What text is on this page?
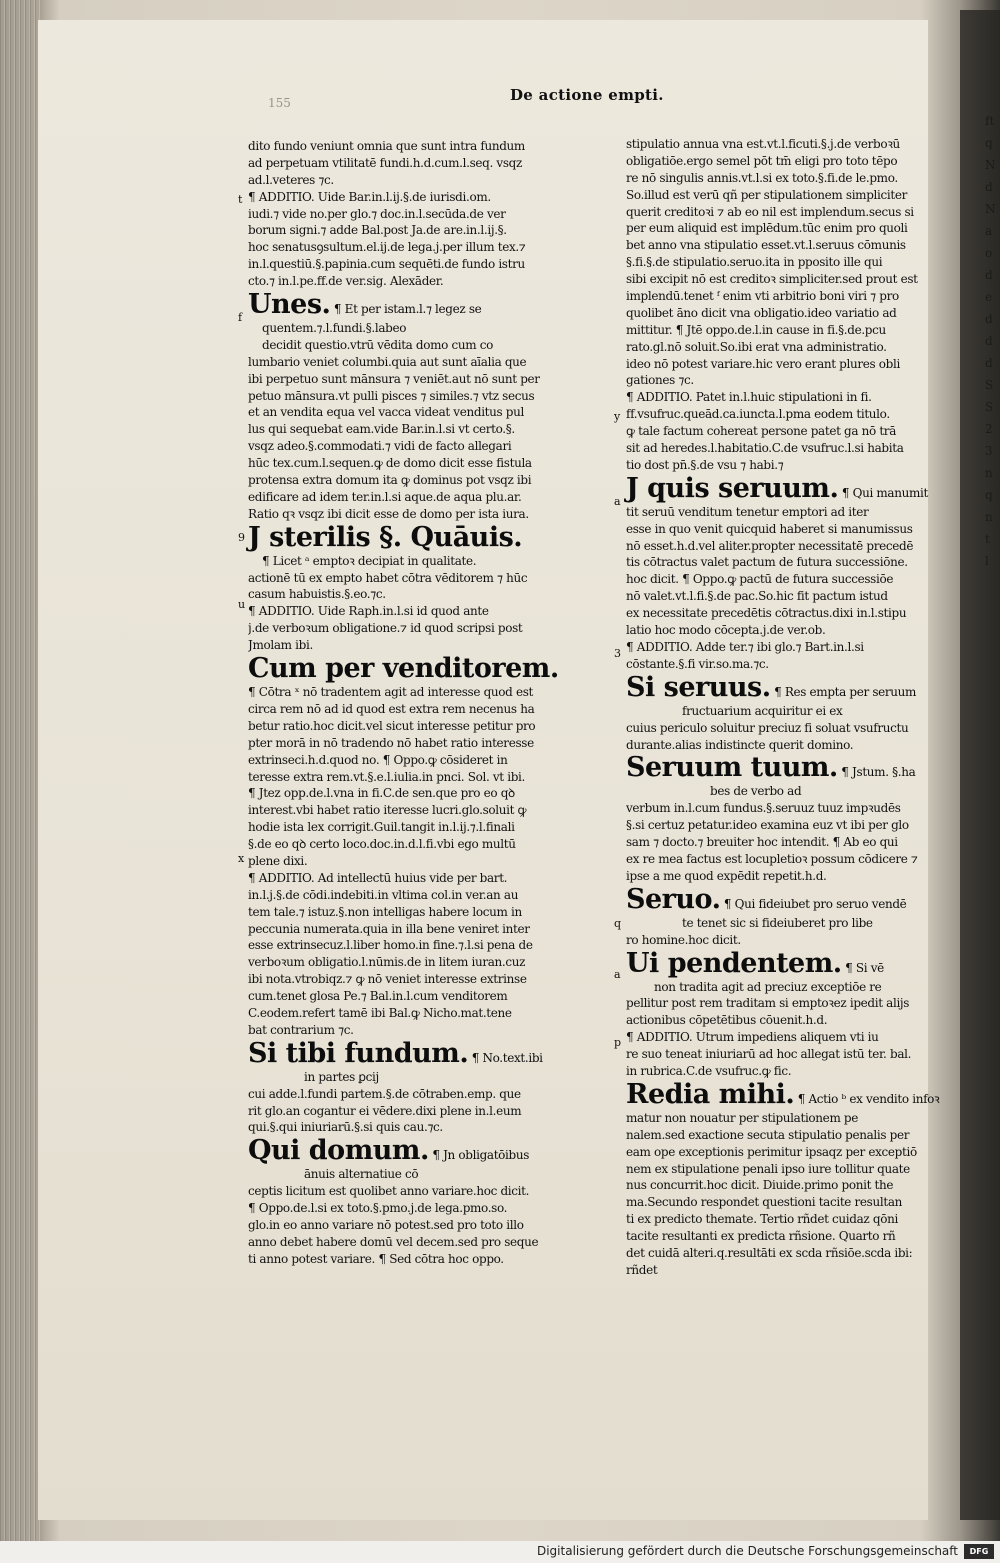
ft
q
N
d
N
a
o
d
e
d
d
d
S
S
2
3
n
q
n
t
l
De actione empti.
155
dito fundo veniunt omnia que sunt intra fundum
ad perpetuam vtilitatē fundi.h.d.cum.l.seq. vsqz
ad.l.veteres ⁊c.
¶ ADDITIO. Uide Bar.in.l.ij.§.de iurisdi.om.
iudi.⁊ vide no.per glo.⁊ doc.in.l.secūda.de ver
borum signi.⁊ adde Bal.post Ja.de are.in.l.ij.§.
hoc senatusꝯsultum.el.ij.de lega.j.per illum tex.⁊
in.l.questiū.§.papinia.cum sequēti.de fundo istru
cto.⁊ in.l.pe.ff.de ver.sig. Alexāder.
Unes. ¶ Et per istam.l.⁊ legez se
quentem.⁊.l.fundi.§.labeo
decidit questio.vtrū vēdita domo cum co
lumbario veniet columbi.quia aut sunt aīalia que
ibi perpetuo sunt mānsura ⁊ veniēt.aut nō sunt per
petuo mānsura.vt pulli pisces ⁊ similes.⁊ vtz secus
et an vendita equa vel vacca videat venditus pul
lus qui sequebat eam.vide Bar.in.l.si vt certo.§.
vsqz adeo.§.commodati.⁊ vidi de facto allegari
hūc tex.cum.l.sequen.ꝙ de domo dicit esse fistula
protensa extra domum ita ꝙ dominus pot vsqz ibi
edificare ad idem ter.in.l.si aque.de aqua plu.ar.
Ratio qꝛ vsqz ibi dicit esse de domo per ista iura.
J sterilis §. Quāuis.
¶ Licet ᵃ emptoꝛ decipiat in qualitate.
actionē tū ex empto habet cōtra vēditorem ⁊ hūc
casum habuistis.§.eo.⁊c.
¶ ADDITIO. Uide Raph.in.l.si id quod ante
j.de verboꝛum obligatione.⁊ id quod scripsi post
Jmolam ibi.
Cum per venditorem.
¶ Cōtra ˣ nō tradentem agit ad interesse quod est
circa rem nō ad id quod est extra rem necenus ha
betur ratio.hoc dicit.vel sicut interesse petitur pro
pter morā in nō tradendo nō habet ratio interesse
extrinseci.h.d.quod no. ¶ Oppo.ꝙ cōsideret in
teresse extra rem.vt.§.e.l.iulia.in pnci. Sol. vt ibi.
¶ Jtez opp.de.l.vna in fi.C.de sen.que pro eo qꝺ
interest.vbi habet ratio iteresse lucri.glo.soluit ꝙ
hodie ista lex corrigit.Guil.tangit in.l.ij.⁊.l.finali
§.de eo qꝺ certo loco.doc.in.d.l.fi.vbi ego multū
plene dixi.
¶ ADDITIO. Ad intellectū huius vide per bart.
in.l.j.§.de cōdi.indebiti.in vltima col.in ver.an au
tem tale.⁊ istuz.§.non intelligas habere locum in
peccunia numerata.quia in illa bene veniret inter
esse extrinsecuz.l.liber homo.in fine.⁊.l.si pena de
verboꝛum obligatio.l.nūmis.de in litem iuran.cuz
ibi nota.vtrobiqz.⁊ ꝙ nō veniet interesse extrinse
cum.tenet glosa Pe.⁊ Bal.in.l.cum venditorem
C.eodem.refert tamē ibi Bal.ꝙ Nicho.mat.tene
bat contrarium ⁊c.
Si tibi fundum. ¶ No.text.ibi
in partes ꝑcij
cui adde.l.fundi partem.§.de cōtraben.emp. que
rit glo.an cogantur ei vēdere.dixi plene in.l.eum
qui.§.qui iniuriarū.§.si quis cau.⁊c.
Qui domum. ¶ Jn obligatōibus
ānuis alternatiue cō
ceptis licitum est quolibet anno variare.hoc dicit.
¶ Oppo.de.l.si ex toto.§.pmo.j.de lega.pmo.so.
glo.in eo anno variare nō potest.sed pro toto illo
anno debet habere domū vel decem.sed pro seque
ti anno potest variare. ¶ Sed cōtra hoc oppo.
stipulatio annua vna est.vt.l.ficuti.§.j.de verboꝛū
obligatiōe.ergo semel pōt tm̄ eligi pro toto tēpo
re nō singulis annis.vt.l.si ex toto.§.fi.de le.pmo.
So.illud est verū qñ per stipulationem simpliciter
querit creditoꝛi ⁊ ab eo nil est implendum.secus si
per eum aliquid est implēdum.tūc enim pro quoli
bet anno vna stipulatio esset.vt.l.seruus cōmunis
§.fi.§.de stipulatio.seruo.ita in pposito ille qui
sibi excipit nō est creditoꝛ simpliciter.sed prout est
implendū.tenet ᶠ enim vti arbitrio boni viri ⁊ pro
quolibet āno dicit vna obligatio.ideo variatio ad
mittitur. ¶ Jtē oppo.de.l.in cause in fi.§.de.pcu
rato.gl.nō soluit.So.ibi erat vna administratio.
ideo nō potest variare.hic vero erant plures obli
gationes ⁊c.
¶ ADDITIO. Patet in.l.huic stipulationi in fi.
ff.vsufruc.queād.ca.iuncta.l.pma eodem titulo.
ꝙ tale factum cohereat persone patet ga nō trā
sit ad heredes.l.habitatio.C.de vsufruc.l.si habita
tio dost pn̄.§.de vsu ⁊ habi.⁊
J quis seruum. ¶ Qui manumit
tit seruū venditum tenetur emptori ad iter
esse in quo venit quicquid haberet si manumissus
nō esset.h.d.vel aliter.propter necessitatē precedē
tis cōtractus valet pactum de futura successiōne.
hoc dicit. ¶ Oppo.ꝙ pactū de futura successiōe
nō valet.vt.l.fi.§.de pac.So.hic fit pactum istud
ex necessitate precedētis cōtractus.dixi in.l.stipu
latio hoc modo cōcepta.j.de ver.ob.
¶ ADDITIO. Adde ter.⁊ ibi glo.⁊ Bart.in.l.si
cōstante.§.fi vir.so.ma.⁊c.
Si seruus. ¶ Res empta per seruum
fructuarium acquiritur ei ex
cuius periculo soluitur preciuz fi soluat vsufructu
durante.alias indistincte querit domino.
Seruum tuum. ¶ Jstum. §.ha
bes de verbo ad
verbum in.l.cum fundus.§.seruuz tuuz impꝛudēs
§.si certuz petatur.ideo examina euz vt ibi per glo
sam ⁊ docto.⁊ breuiter hoc intendit. ¶ Ab eo qui
ex re mea factus est locupletioꝛ possum cōdicere ⁊
ipse a me quod expēdit repetit.h.d.
Seruo. ¶ Qui fideiubet pro seruo vendē
te tenet sic si fideiuberet pro libe
ro homine.hoc dicit.
Ui pendentem. ¶ Si vē
non tradita agit ad preciuz exceptiōe re
pellitur post rem traditam si emptoꝛez ipedit alijs
actionibus cōpetētibus cōuenit.h.d.
¶ ADDITIO. Utrum impediens aliquem vti iu
re suo teneat iniuriarū ad hoc allegat istū ter. bal.
in rubrica.C.de vsufruc.ꝙ fic.
Redia mihi. ¶ Actio ᵇ ex vendito infoꝛ
matur non nouatur per stipulationem pe
nalem.sed exactione secuta stipulatio penalis per
eam ope exceptionis perimitur ipsaqz per exceptiō
nem ex stipulatione penali ipso iure tollitur quate
nus concurrit.hoc dicit. Diuide.primo ponit the
ma.Secundo respondet questioni tacite resultan
ti ex predicto themate. Tertio rñdet cuidaz qōni
tacite resultanti ex predicta rñsione. Quarto rñ
det cuidā alteri.q.resultāti ex scda rñsiōe.scda ibi:
rñdet
t
f
9
u
x
y
a
3
q
a
p
Digitalisierung gefördert durch die Deutsche Forschungsgemeinschaft	DFG
